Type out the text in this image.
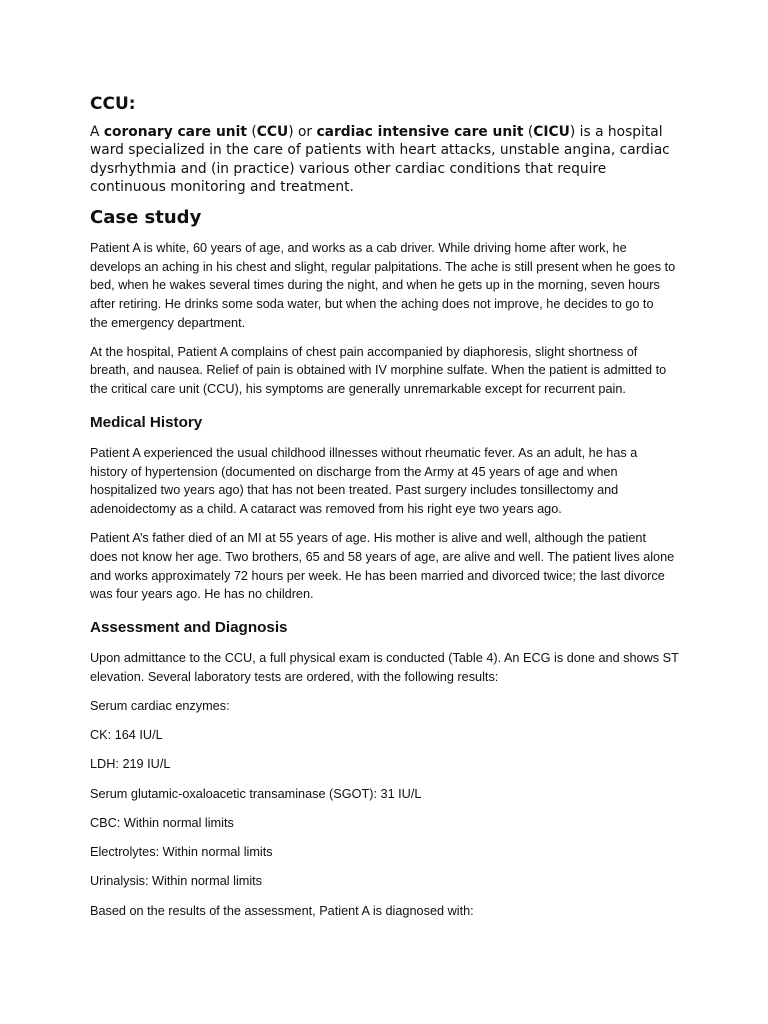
CCU:
A coronary care unit (CCU) or cardiac intensive care unit (CICU) is a hospital
ward specialized in the care of patients with heart attacks, unstable angina, cardiac
dysrhythmia and (in practice) various other cardiac conditions that require
continuous monitoring and treatment.
Case study
Patient A is white, 60 years of age, and works as a cab driver. While driving home after work, he
develops an aching in his chest and slight, regular palpitations. The ache is still present when he goes to
bed, when he wakes several times during the night, and when he gets up in the morning, seven hours
after retiring. He drinks some soda water, but when the aching does not improve, he decides to go to
the emergency department.
At the hospital, Patient A complains of chest pain accompanied by diaphoresis, slight shortness of
breath, and nausea. Relief of pain is obtained with IV morphine sulfate. When the patient is admitted to
the critical care unit (CCU), his symptoms are generally unremarkable except for recurrent pain.
Medical History
Patient A experienced the usual childhood illnesses without rheumatic fever. As an adult, he has a
history of hypertension (documented on discharge from the Army at 45 years of age and when
hospitalized two years ago) that has not been treated. Past surgery includes tonsillectomy and
adenoidectomy as a child. A cataract was removed from his right eye two years ago.
Patient A’s father died of an MI at 55 years of age. His mother is alive and well, although the patient
does not know her age. Two brothers, 65 and 58 years of age, are alive and well. The patient lives alone
and works approximately 72 hours per week. He has been married and divorced twice; the last divorce
was four years ago. He has no children.
Assessment and Diagnosis
Upon admittance to the CCU, a full physical exam is conducted (Table 4). An ECG is done and shows ST
elevation. Several laboratory tests are ordered, with the following results:
Serum cardiac enzymes:
CK: 164 IU/L
LDH: 219 IU/L
Serum glutamic-oxaloacetic transaminase (SGOT): 31 IU/L
CBC: Within normal limits
Electrolytes: Within normal limits
Urinalysis: Within normal limits
Based on the results of the assessment, Patient A is diagnosed with:
